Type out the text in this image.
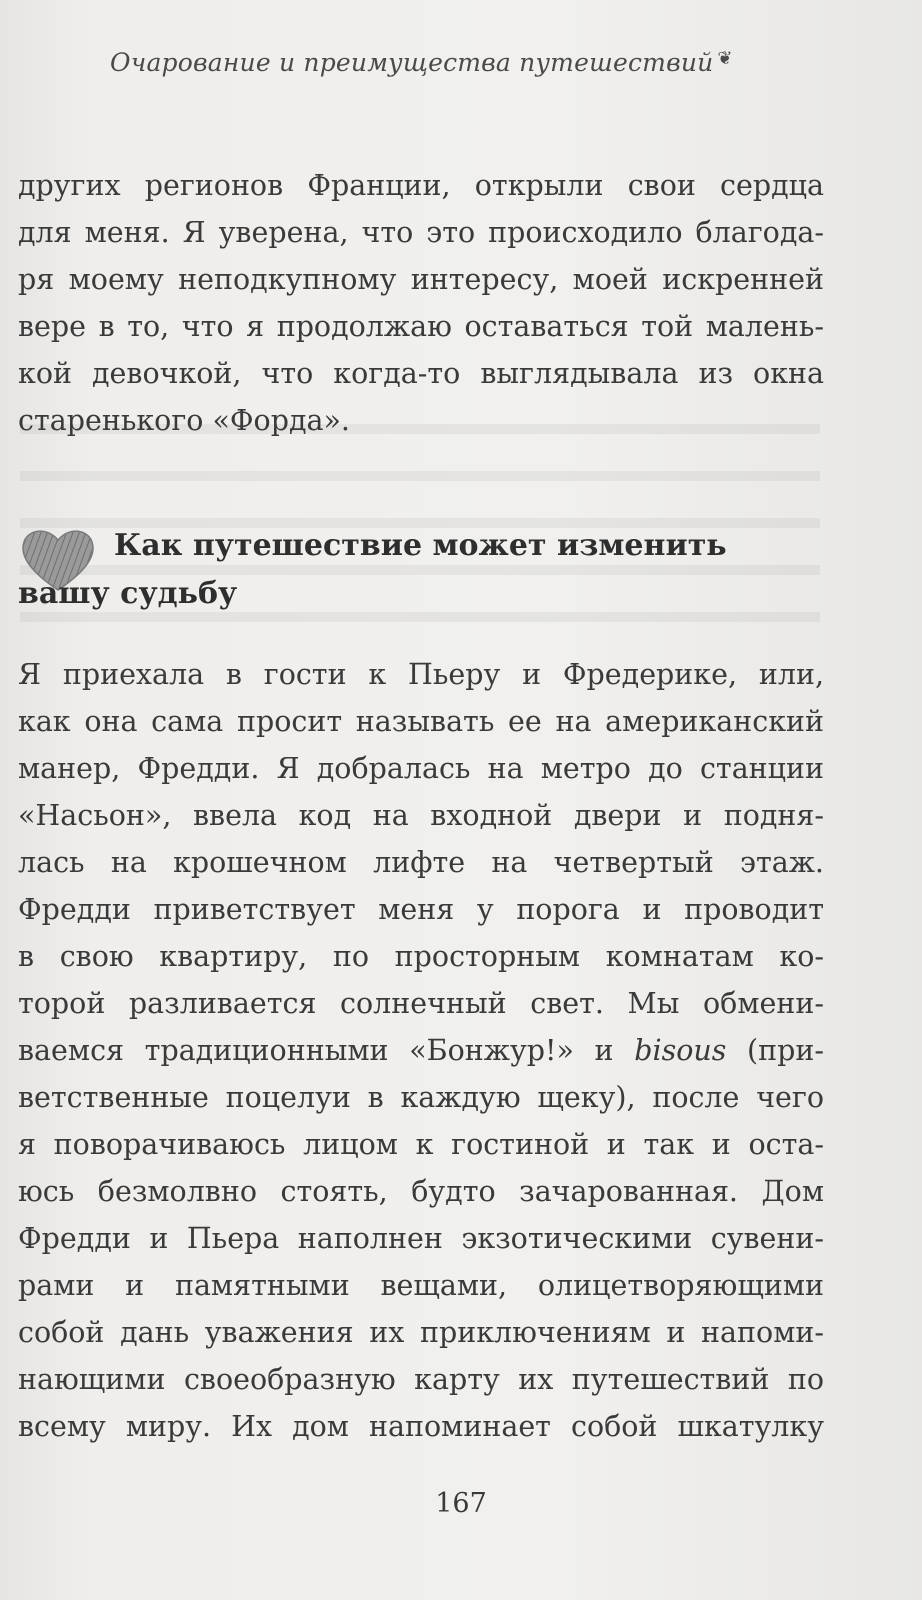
Очарование и преимущества путешествий ❦
других регионов Франции, открыли свои сердца
для меня. Я уверена, что это происходило благода-
ря моему неподкупному интересу, моей искренней
вере в то, что я продолжаю оставаться той малень-
кой девочкой, что когда-то выглядывала из окна
старенького «Форда».
Как путешествие может изменить
вашу судьбу
Я приехала в гости к Пьеру и Фредерике, или,
как она сама просит называть ее на американский
манер, Фредди. Я добралась на метро до станции
«Насьон», ввела код на входной двери и подня-
лась на крошечном лифте на четвертый этаж.
Фредди приветствует меня у порога и проводит
в свою квартиру, по просторным комнатам ко-
торой разливается солнечный свет. Мы обмени-
ваемся традиционными «Бонжур!» и bisous (при-
ветственные поцелуи в каждую щеку), после чего
я поворачиваюсь лицом к гостиной и так и оста-
юсь безмолвно стоять, будто зачарованная. Дом
Фредди и Пьера наполнен экзотическими сувени-
рами и памятными вещами, олицетворяющими
собой дань уважения их приключениям и напоми-
нающими своеобразную карту их путешествий по
всему миру. Их дом напоминает собой шкатулку
167
